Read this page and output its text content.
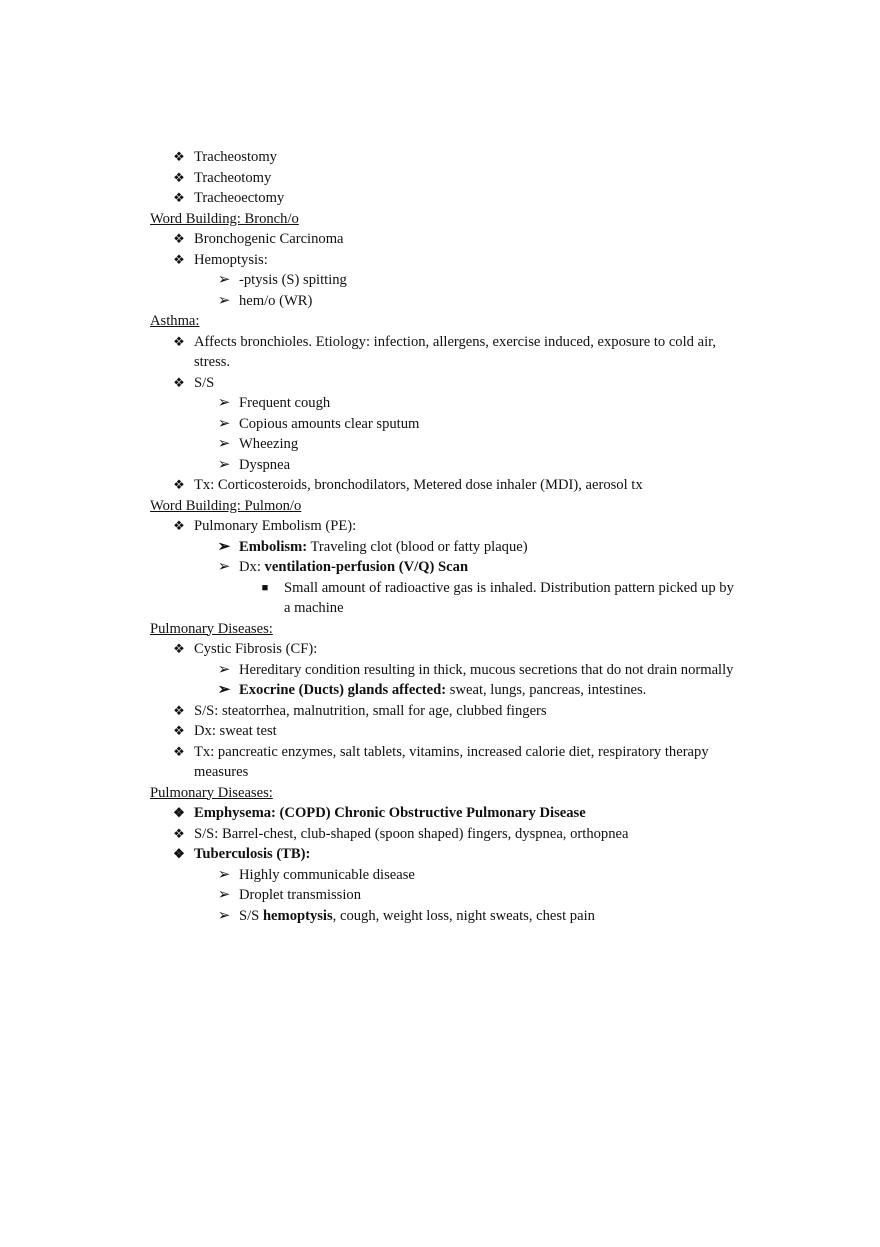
❖ Tracheostomy
❖ Tracheotomy
❖ Tracheoectomy
Word Building: Bronch/o
❖ Bronchogenic Carcinoma
❖ Hemoptysis:
➢ -ptysis (S) spitting
➢ hem/o (WR)
Asthma:
❖ Affects bronchioles. Etiology: infection, allergens, exercise induced, exposure to cold air, stress.
❖ S/S
➢ Frequent cough
➢ Copious amounts clear sputum
➢ Wheezing
➢ Dyspnea
❖ Tx: Corticosteroids, bronchodilators, Metered dose inhaler (MDI), aerosol tx
Word Building: Pulmon/o
❖ Pulmonary Embolism (PE):
➢ Embolism: Traveling clot (blood or fatty plaque)
➢ Dx: ventilation-perfusion (V/Q) Scan
■	Small amount of radioactive gas is inhaled. Distribution pattern picked up by a machine
Pulmonary Diseases:
❖ Cystic Fibrosis (CF):
➢ Hereditary condition resulting in thick, mucous secretions that do not drain normally
➢ Exocrine (Ducts) glands affected: sweat, lungs, pancreas, intestines.
❖ S/S: steatorrhea, malnutrition, small for age, clubbed fingers
❖ Dx: sweat test
❖ Tx: pancreatic enzymes, salt tablets, vitamins, increased calorie diet, respiratory therapy measures
Pulmonary Diseases:
❖ Emphysema: (COPD) Chronic Obstructive Pulmonary Disease
❖ S/S: Barrel-chest, club-shaped (spoon shaped) fingers, dyspnea, orthopnea
❖ Tuberculosis (TB):
➢ Highly communicable disease
➢ Droplet transmission
➢ S/S hemoptysis, cough, weight loss, night sweats, chest pain
